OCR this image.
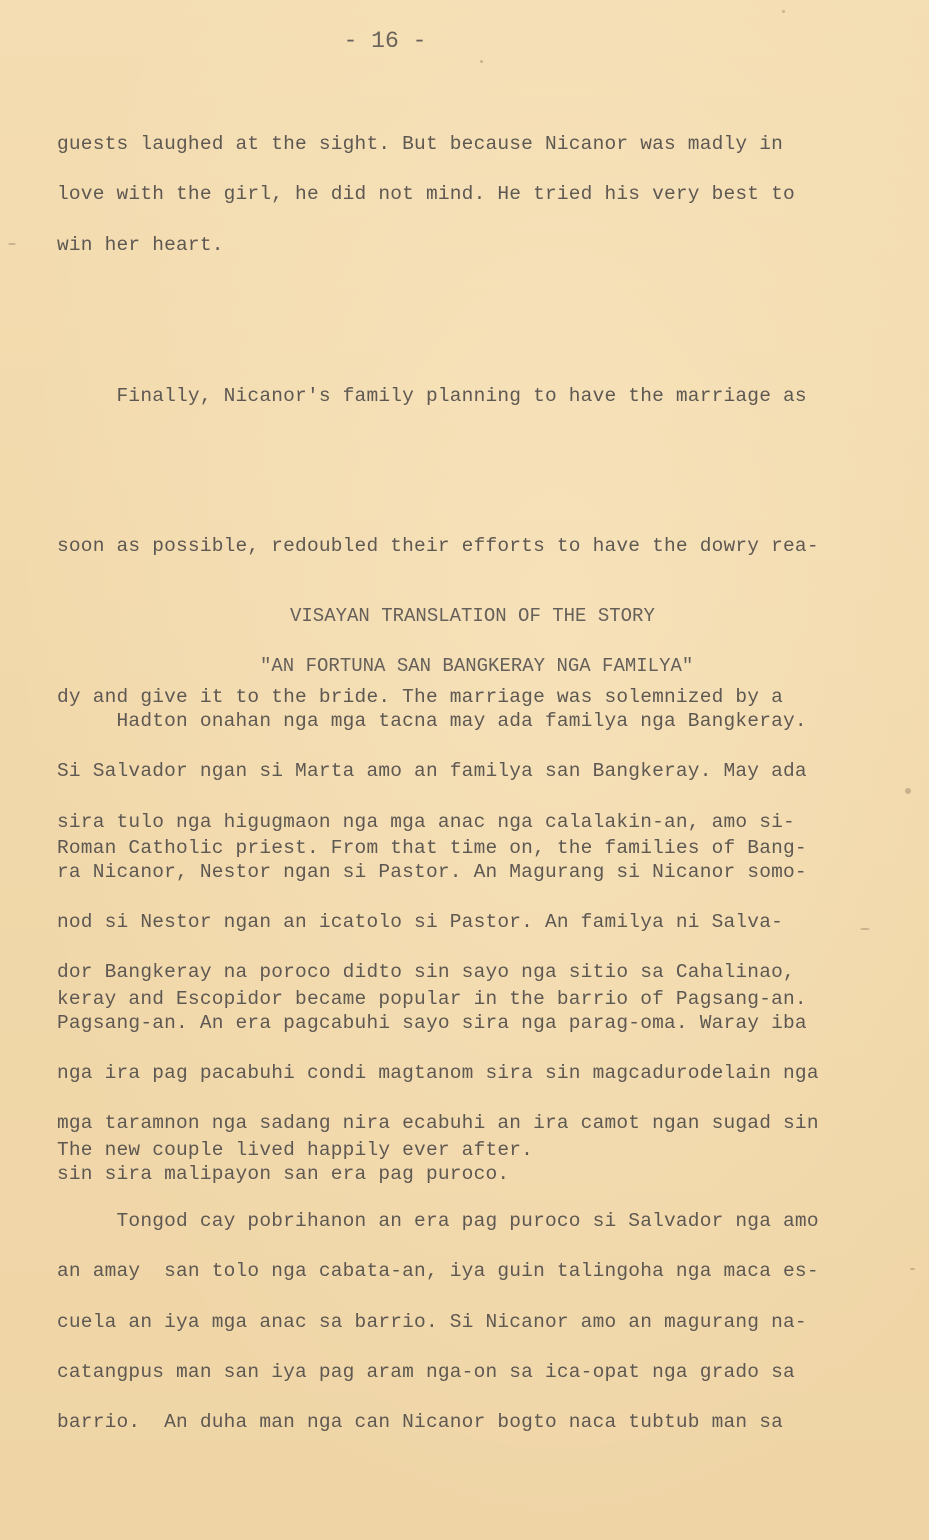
- 16 -

guests laughed at the sight. But because Nicanor was madly in
love with the girl, he did not mind. He tried his very best to
win her heart.

Finally, Nicanor's family planning to have the marriage as

soon as possible, redoubled their efforts to have the dowry rea-

dy and give it to the bride. The marriage was solemnized by a

Roman Catholic priest. From that time on, the families of Bang-

keray and Escopidor became popular in the barrio of Pagsang-an.

The new couple lived happily ever after.

VISAYAN TRANSLATION OF THE STORY
"AN FORTUNA SAN BANGKERAY NGA FAMILYA"

Hadton onahan nga mga tacna may ada familya nga Bangkeray.
Si Salvador ngan si Marta amo an familya san Bangkeray. May ada
sira tulo nga higugmaon nga mga anac nga calalakin-an, amo si-
ra Nicanor, Nestor ngan si Pastor. An Magurang si Nicanor somo-
nod si Nestor ngan an icatolo si Pastor. An familya ni Salva-
dor Bangkeray na poroco didto sin sayo nga sitio sa Cahalinao,
Pagsang-an. An era pagcabuhi sayo sira nga parag-oma. Waray iba
nga ira pag pacabuhi condi magtanom sira sin magcadurodelain nga
mga taramnon nga sadang nira ecabuhi an ira camot ngan sugad sin
sin sira malipayon san era pag puroco.

Tongod cay pobrihanon an era pag puroco si Salvador nga amo
an amay  san tolo nga cabata-an, iya guin talingoha nga maca es-
cuela an iya mga anac sa barrio. Si Nicanor amo an magurang na-
catangpus man san iya pag aram nga-on sa ica-opat nga grado sa
barrio.  An duha man nga can Nicanor bogto naca tubtub man sa
